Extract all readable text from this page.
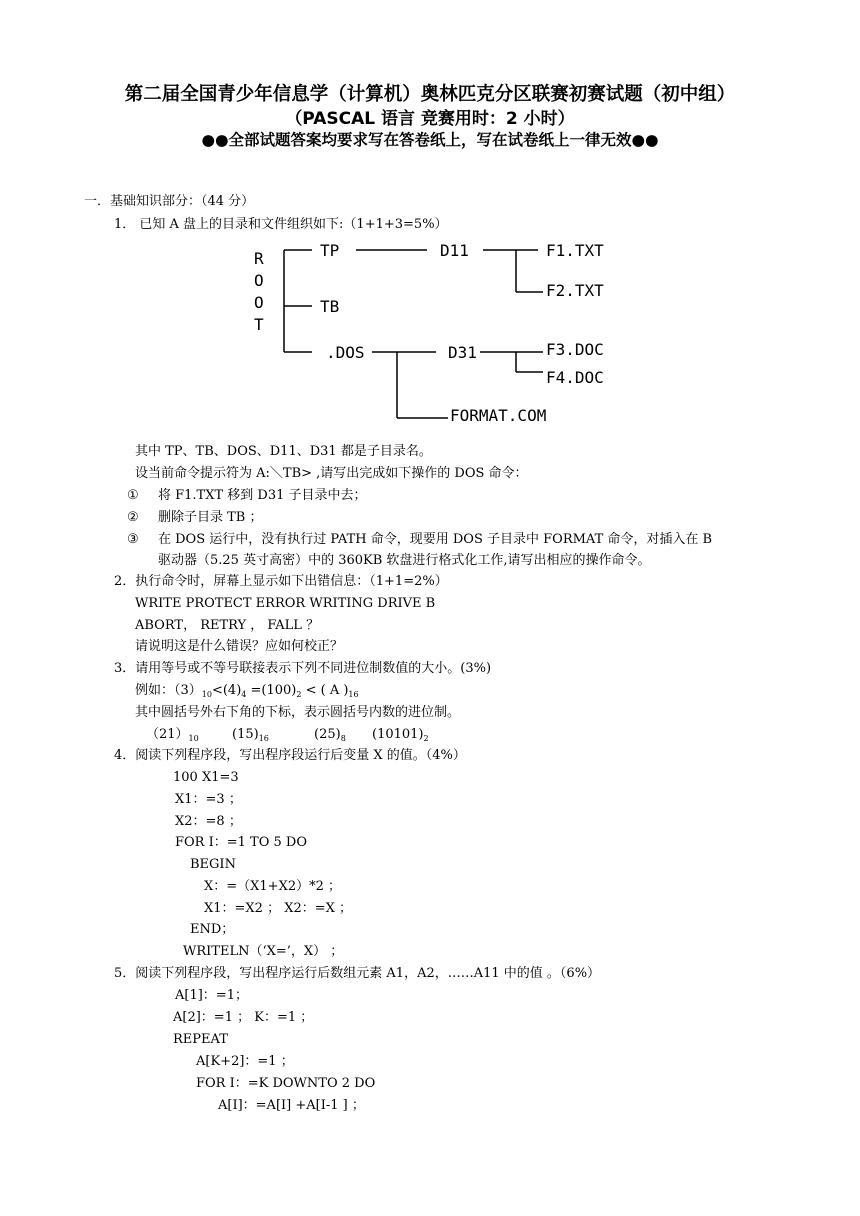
第二届全国青少年信息学（计算机）奥林匹克分区联赛初赛试题（初中组）
（PASCAL 语言 竞赛用时：2 小时）
●●全部试题答案均要求写在答卷纸上，写在试卷纸上一律无效●●
一．基础知识部分：（44 分）
1． 已知 A 盘上的目录和文件组织如下:（1+1+3=5%）
R
O
O
T
TP
TB
.DOS
D11
D31
F1.TXT
F2.TXT
F3.DOC
F4.DOC
FORMAT.COM
其中 TP、TB、DOS、D11、D31 都是子目录名。
设当前命令提示符为 A:＼TB> ,请写出完成如下操作的 DOS 命令：
① 将 F1.TXT 移到 D31 子目录中去；
② 删除子目录 TB ；
③ 在 DOS 运行中，没有执行过 PATH 命令，现要用 DOS 子目录中 FORMAT 命令，对插入在 B
驱动器（5.25 英寸高密）中的 360KB 软盘进行格式化工作,请写出相应的操作命令。
2．执行命令时，屏幕上显示如下出错信息：（1+1=2%）
WRITE PROTECT ERROR WRITING DRIVE B
ABORT， RETRY ， FALL ？
请说明这是什么错误？应如何校正？
3．请用等号或不等号联接表示下列不同进位制数值的大小。(3%)
例如：$(3)_{10}<(4)_4 =(100)_2$ < ( A )$_{16}$
其中圆括号外右下角的下标，表示圆括号内数的进位制。
$(21)_{10}$	$(15)_{16}$	$(25)_8$ $(10101)_2$
4．阅读下列程序段，写出程序段运行后变量 X 的值。（4%）
100 X1=3
X1：=3 ；
X2：=8 ；
FOR I：=1 TO 5 DO
BEGIN
X：=（X1+X2）*2 ；
X1：=X2 ； X2：=X ；
END；
WRITELN（‘X=’，X） ；
5．阅读下列程序段，写出程序运行后数组元素 A1，A2，……A11 中的值 。（6%）
A[1]：=1；
A[2]：=1 ； K：=1 ；
REPEAT
A[K+2]：=1 ；
FOR I：=K DOWNTO 2 DO
A[I]：=A[I] +A[I-1 ] ；
